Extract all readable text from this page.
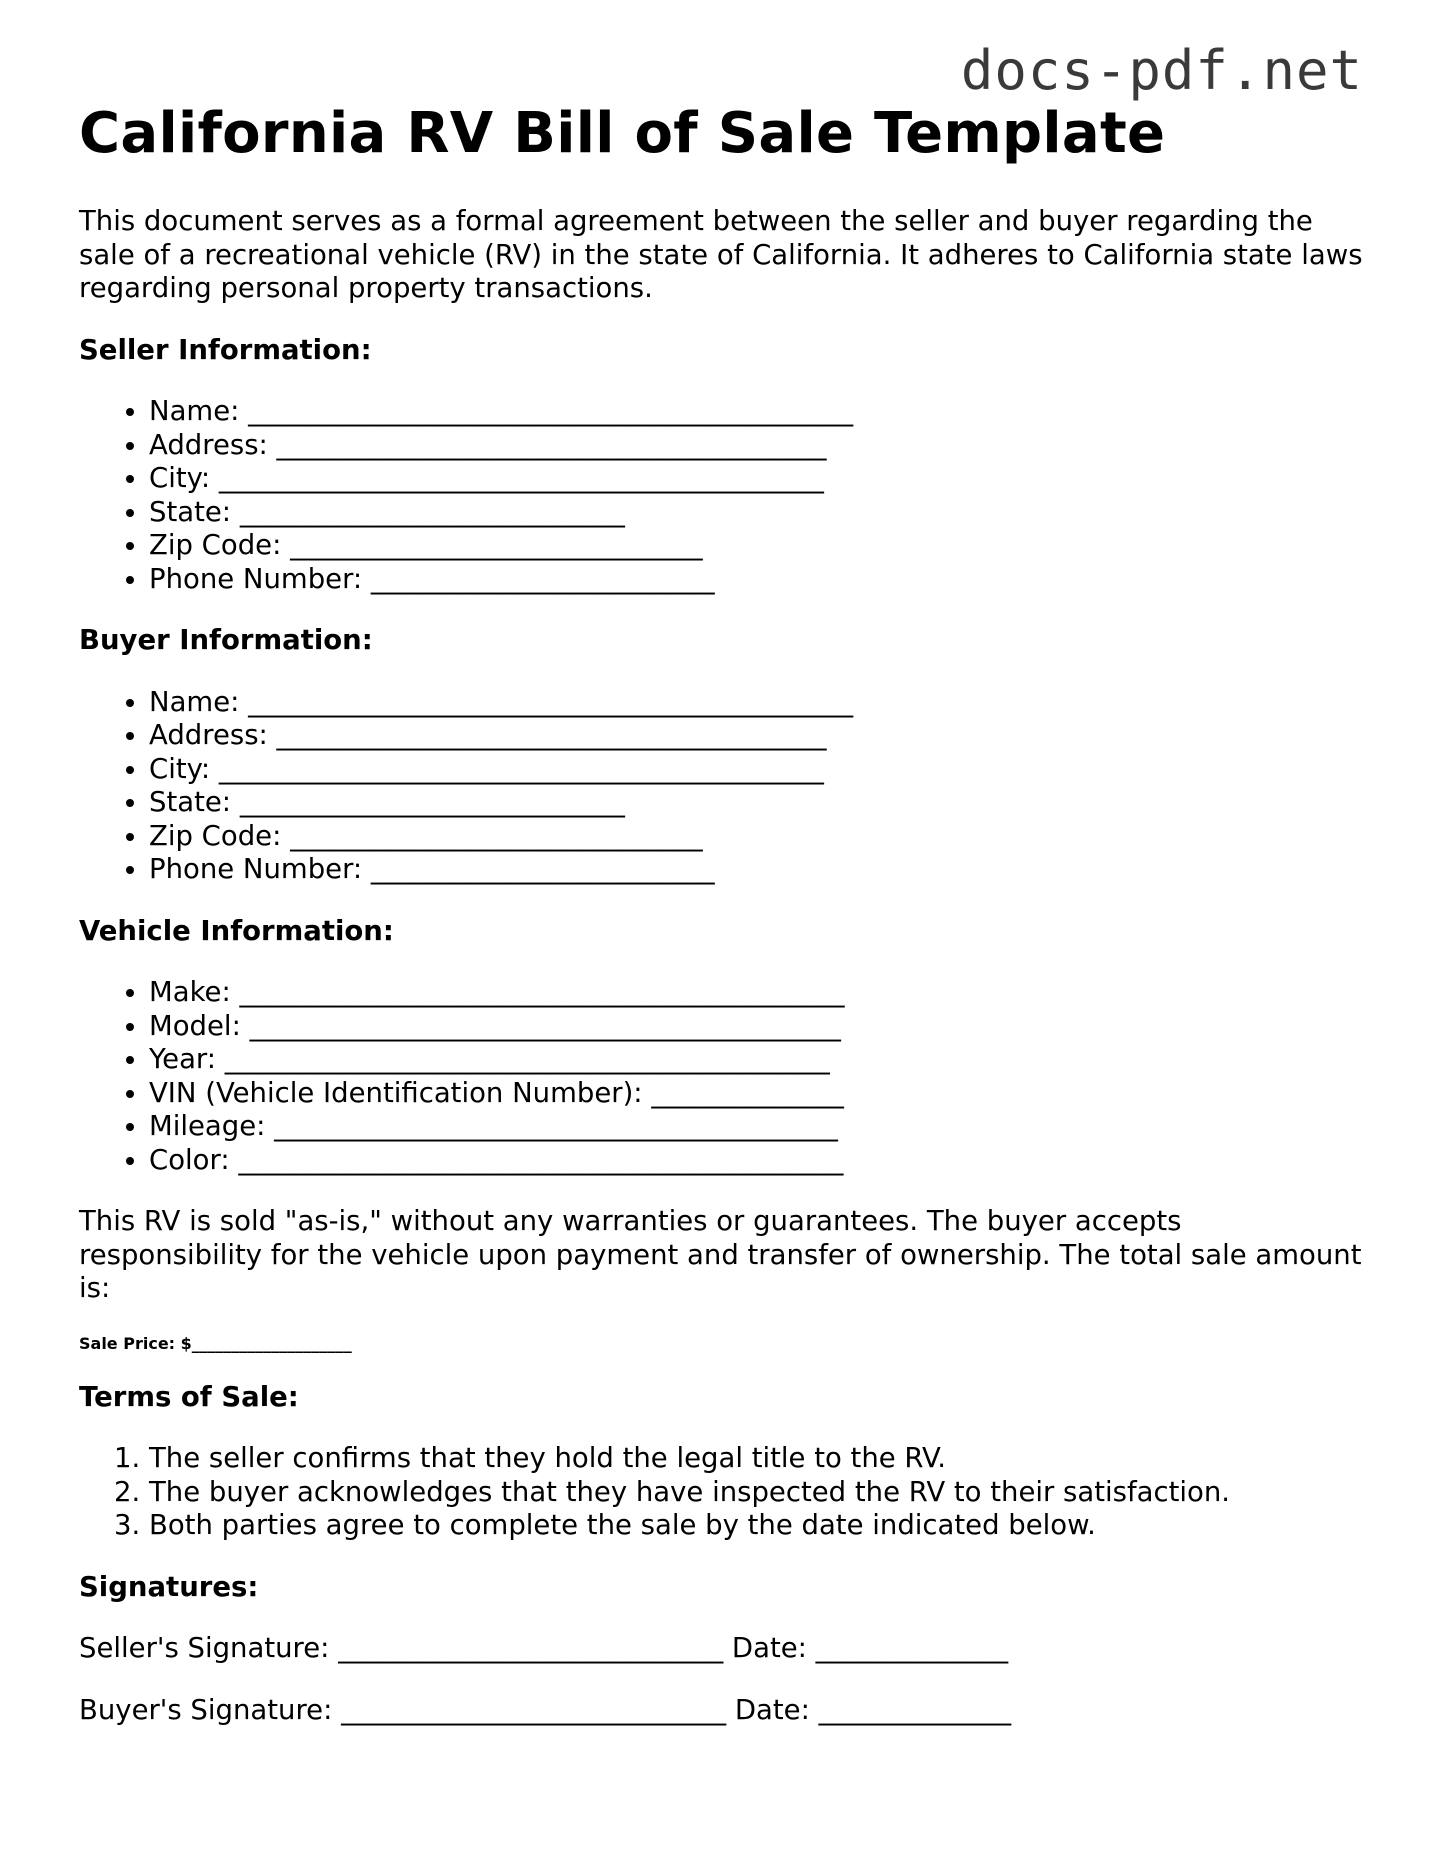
docs-pdf.net
California RV Bill of Sale Template

This document serves as a formal agreement between the seller and buyer regarding the sale of a recreational vehicle (RV) in the state of California. It adheres to California state laws regarding personal property transactions.

Seller Information:
• Name: ____________________________________________
• Address: ________________________________________
• City: ____________________________________________
• State: ____________________________
• Zip Code: ______________________________
• Phone Number: _________________________
Buyer Information:
• Name: ____________________________________________
• Address: ________________________________________
• City: ____________________________________________
• State: ____________________________
• Zip Code: ______________________________
• Phone Number: _________________________
Vehicle Information:
• Make: ____________________________________________
• Model: ___________________________________________
• Year: ____________________________________________
• VIN (Vehicle Identification Number): ______________
• Mileage: _________________________________________
• Color: ____________________________________________

This RV is sold "as-is," without any warranties or guarantees. The buyer accepts responsibility for the vehicle upon payment and transfer of ownership. The total sale amount is:

Sale Price: $____________________
Terms of Sale:
1. The seller confirms that they hold the legal title to the RV.
2. The buyer acknowledges that they have inspected the RV to their satisfaction.
3. Both parties agree to complete the sale by the date indicated below.
Signatures:
Seller's Signature: ____________________________ Date: ______________
Buyer's Signature: ____________________________ Date: ______________
